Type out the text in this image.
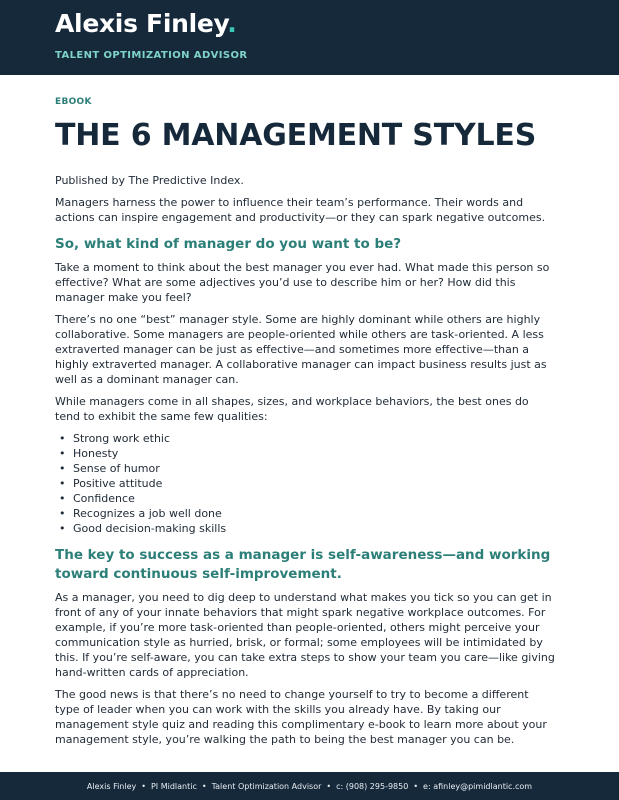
Alexis Finley.
TALENT OPTIMIZATION ADVISOR

EBOOK

THE 6 MANAGEMENT STYLES

Published by The Predictive Index.

Managers harness the power to influence their team’s performance. Their words and actions can inspire engagement and productivity—or they can spark negative outcomes.

So, what kind of manager do you want to be?

Take a moment to think about the best manager you ever had. What made this person so effective? What are some adjectives you’d use to describe him or her? How did this manager make you feel?

There’s no one “best” manager style. Some are highly dominant while others are highly collaborative. Some managers are people-oriented while others are task-oriented. A less extraverted manager can be just as effective—and sometimes more effective—than a highly extraverted manager. A collaborative manager can impact business results just as well as a dominant manager can.

While managers come in all shapes, sizes, and workplace behaviors, the best ones do tend to exhibit the same few qualities:

• Strong work ethic
• Honesty
• Sense of humor
• Positive attitude
• Confidence
• Recognizes a job well done
• Good decision-making skills
The key to success as a manager is self-awareness—and working toward continuous self-improvement.

As a manager, you need to dig deep to understand what makes you tick so you can get in front of any of your innate behaviors that might spark negative workplace outcomes. For example, if you’re more task-oriented than people-oriented, others might perceive your communication style as hurried, brisk, or formal; some employees will be intimidated by this. If you’re self-aware, you can take extra steps to show your team you care—like giving hand-written cards of appreciation.

The good news is that there’s no need to change yourself to try to become a different type of leader when you can work with the skills you already have. By taking our management style quiz and reading this complimentary e-book to learn more about your management style, you’re walking the path to being the best manager you can be.

Alexis Finley • PI Midlantic • Talent Optimization Advisor • c: (908) 295-9850 • e: afinley@pimidlantic.com
